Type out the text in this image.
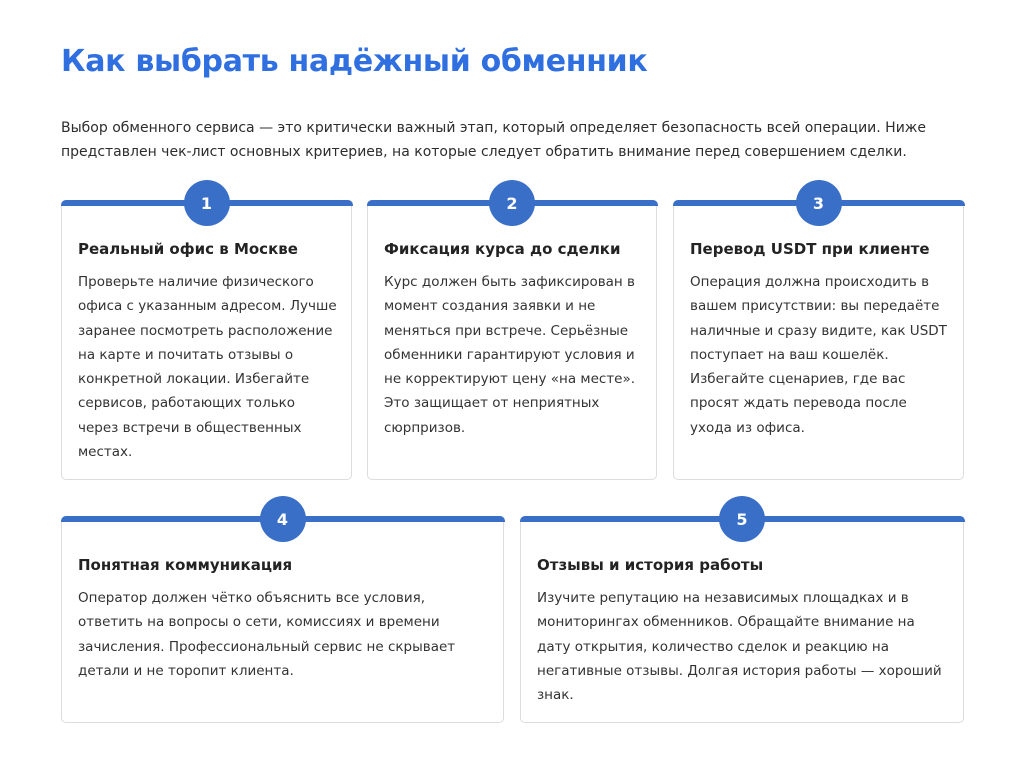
Как выбрать надёжный обменник

Выбор обменного сервиса — это критически важный этап, который определяет безопасность всей операции. Ниже представлен чек-лист основных критериев, на которые следует обратить внимание перед совершением сделки.

1
Реальный офис в Москве
Проверьте наличие физического офиса с указанным адресом. Лучше заранее посмотреть расположение на карте и почитать отзывы о конкретной локации. Избегайте сервисов, работающих только через встречи в общественных местах.
2
Фиксация курса до сделки
Курс должен быть зафиксирован в момент создания заявки и не меняться при встрече. Серьёзные обменники гарантируют условия и не корректируют цену «на месте». Это защищает от неприятных сюрпризов.
3
Перевод USDT при клиенте
Операция должна происходить в вашем присутствии: вы передаёте наличные и сразу видите, как USDT поступает на ваш кошелёк. Избегайте сценариев, где вас просят ждать перевода после ухода из офиса.
4
Понятная коммуникация
Оператор должен чётко объяснить все условия, ответить на вопросы о сети, комиссиях и времени зачисления. Профессиональный сервис не скрывает детали и не торопит клиента.
5
Отзывы и история работы
Изучите репутацию на независимых площадках и в мониторингах обменников. Обращайте внимание на дату открытия, количество сделок и реакцию на негативные отзывы. Долгая история работы — хороший знак.
